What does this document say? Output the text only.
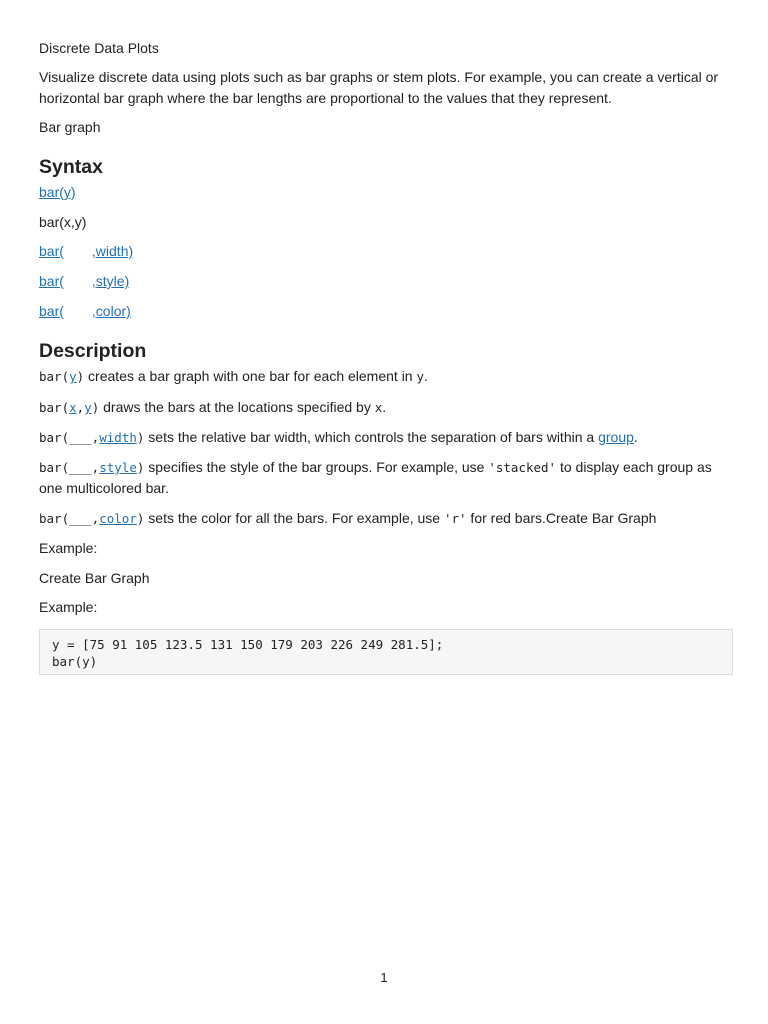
Discrete Data Plots

Visualize discrete data using plots such as bar graphs or stem plots. For example, you can create a vertical or horizontal bar graph where the bar lengths are proportional to the values that they represent.

Bar graph

Syntax

bar(y)

bar(x,y)

bar( ,width)

bar( ,style)

bar( ,color)

Description

bar(y) creates a bar graph with one bar for each element in y.

bar(x,y) draws the bars at the locations specified by x.

bar(___,width) sets the relative bar width, which controls the separation of bars within a group.

bar(___,style) specifies the style of the bar groups. For example, use 'stacked' to display each group as one multicolored bar.

bar(___,color) sets the color for all the bars. For example, use 'r' for red bars.Create Bar Graph

Example:

Create Bar Graph

Example:

y = [75 91 105 123.5 131 150 179 203 226 249 281.5];
bar(y)
1
